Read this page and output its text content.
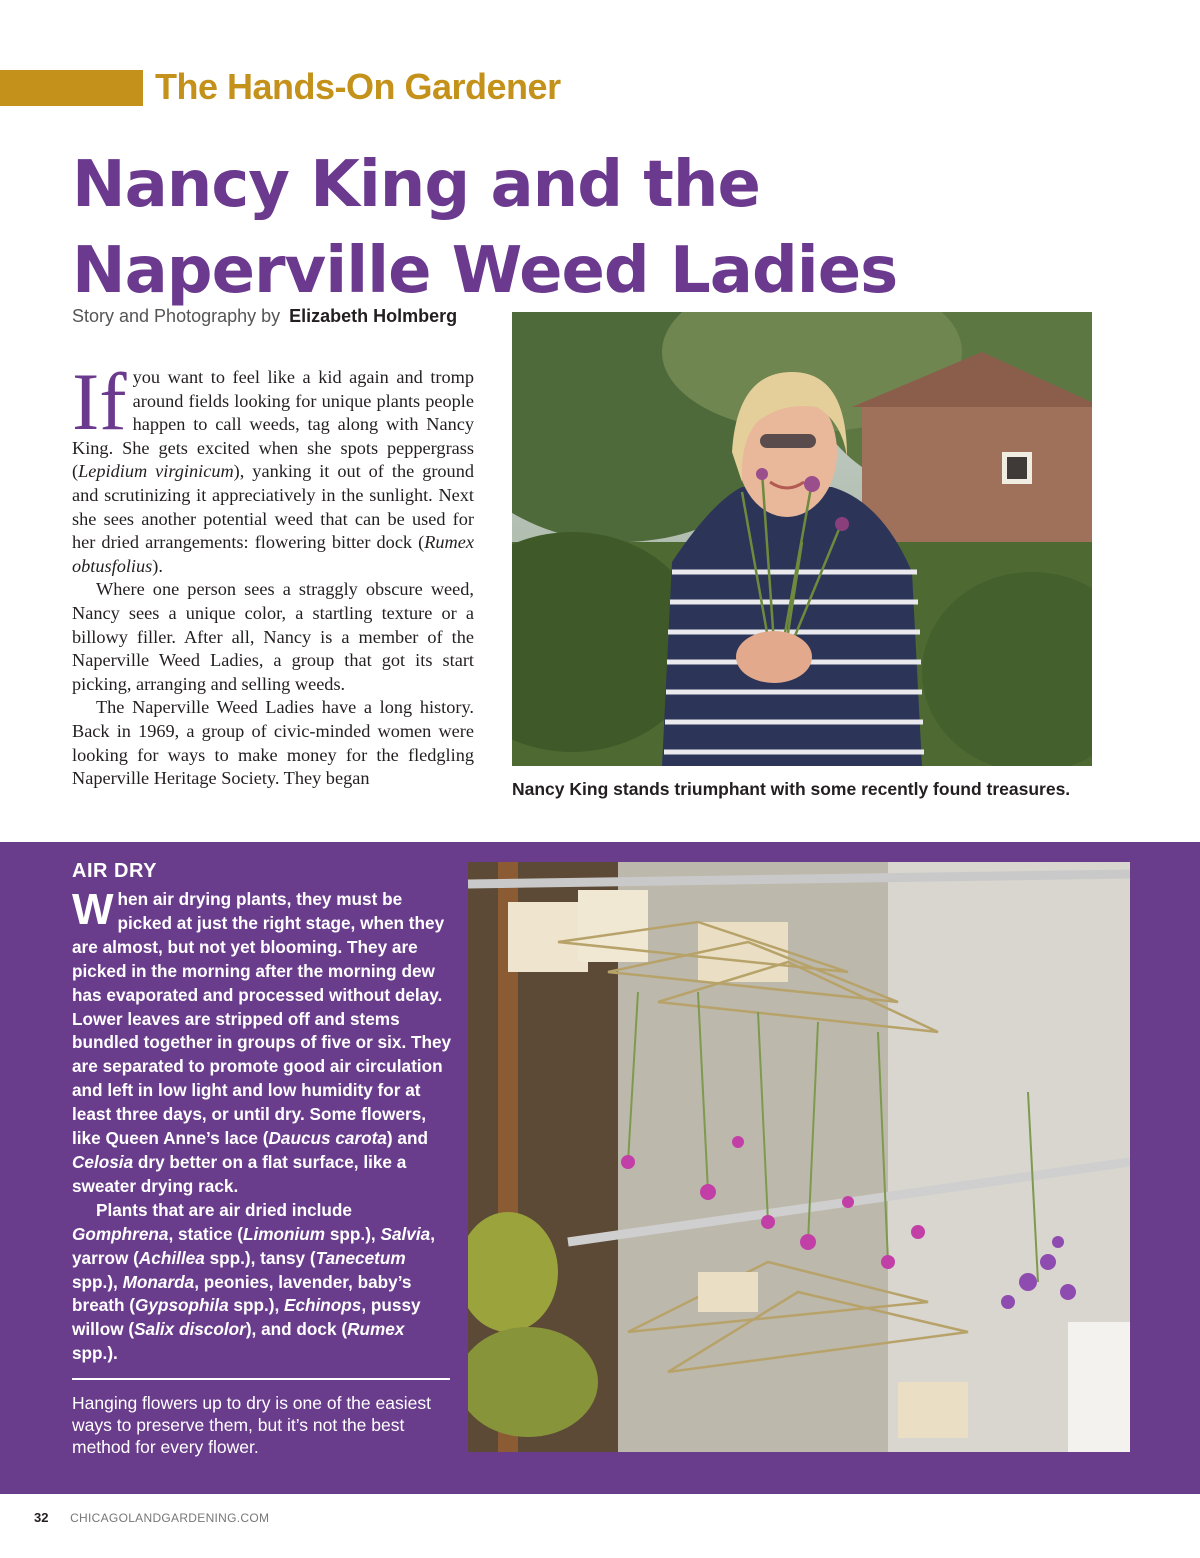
The Hands-On Gardener
Nancy King and the
Naperville Weed Ladies
Story and Photography by Elizabeth Holmberg

If you want to feel like a kid again and tromp around fields looking for unique plants people happen to call weeds, tag along with Nancy King. She gets excited when she spots peppergrass (Lepidium virginicum), yanking it out of the ground and scrutinizing it appreciatively in the sunlight. Next she sees another potential weed that can be used for her dried arrangements: flowering bitter dock (Rumex obtusfolius).

Where one person sees a straggly obscure weed, Nancy sees a unique color, a startling texture or a billowy filler. After all, Nancy is a member of the Naperville Weed Ladies, a group that got its start picking, arranging and selling weeds.

The Naperville Weed Ladies have a long history. Back in 1969, a group of civic-minded women were looking for ways to make money for the fledgling Naperville Heritage Society. They began

Nancy King stands triumphant with some recently found treasures.
AIR DRY

When air drying plants, they must be picked at just the right stage, when they are almost, but not yet blooming. They are picked in the morning after the morning dew has evaporated and processed without delay. Lower leaves are stripped off and stems bundled together in groups of five or six. They are separated to promote good air circulation and left in low light and low humidity for at least three days, or until dry. Some flowers, like Queen Anne’s lace (Daucus carota) and Celosia dry better on a flat surface, like a sweater drying rack.

Plants that are air dried include Gomphrena, statice (Limonium spp.), Salvia, yarrow (Achillea spp.), tansy (Tanecetum spp.), Monarda, peonies, lavender, baby’s breath (Gypsophila spp.), Echinops, pussy willow (Salix discolor), and dock (Rumex spp.).

Hanging flowers up to dry is one of the easiest ways to preserve them, but it’s not the best method for every flower.
32 CHICAGOLANDGARDENING.COM
